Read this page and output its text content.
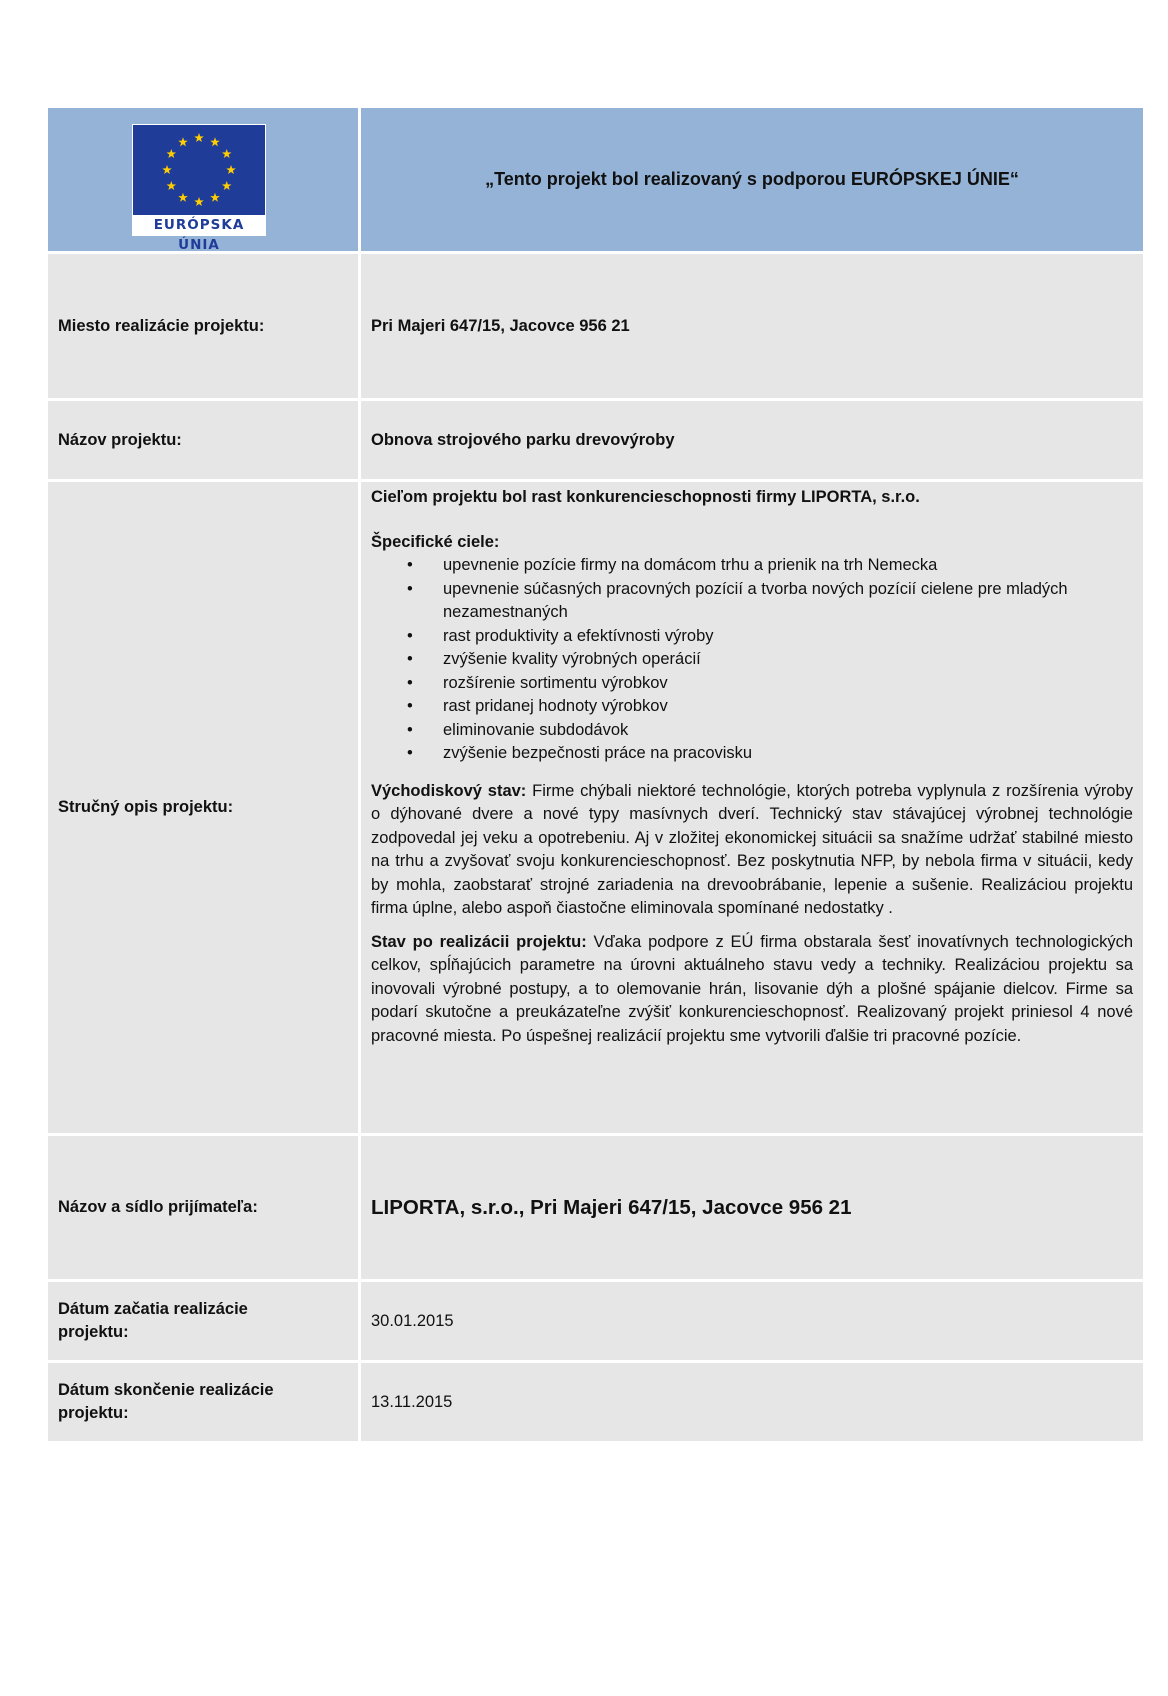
EURÓPSKA ÚNIA
„Tento projekt bol realizovaný s podporou EURÓPSKEJ ÚNIE“
Miesto realizácie projektu:	Pri Majeri 647/15, Jacovce 956 21
Názov projektu:	Obnova strojového parku drevovýroby
Stručný opis projektu:

Cieľom projektu bol rast konkurencieschopnosti firmy LIPORTA, s.r.o.

Špecifické ciele:

• upevnenie pozície firmy na domácom trhu a prienik na trh Nemecka
• upevnenie súčasných pracovných pozícií a tvorba nových pozícií cielene pre mladých nezamestnaných
• rast produktivity a efektívnosti výroby
• zvýšenie kvality výrobných operácií
• rozšírenie sortimentu výrobkov
• rast pridanej hodnoty výrobkov
• eliminovanie subdodávok
• zvýšenie bezpečnosti práce na pracovisku

Východiskový stav: Firme chýbali niektoré technológie, ktorých potreba vyplynula z rozšírenia výroby o dýhované dvere a nové typy masívnych dverí. Technický stav stávajúcej výrobnej technológie zodpovedal jej veku a opotrebeniu. Aj v zložitej ekonomickej situácii sa snažíme udržať stabilné miesto na trhu a zvyšovať svoju konkurencieschopnosť. Bez poskytnutia NFP, by nebola firma v situácii, kedy by mohla, zaobstarať strojné zariadenia na drevoobrábanie, lepenie a sušenie. Realizáciou projektu firma úplne, alebo aspoň čiastočne eliminovala spomínané nedostatky .

Stav po realizácii projektu: Vďaka podpore z EÚ firma obstarala šesť inovatívnych technologických celkov, spĺňajúcich parametre na úrovni aktuálneho stavu vedy a techniky. Realizáciou projektu sa inovovali výrobné postupy, a to olemovanie hrán, lisovanie dýh a plošné spájanie dielcov. Firme sa podarí skutočne a preukázateľne zvýšiť konkurencieschopnosť. Realizovaný projekt priniesol 4 nové pracovné miesta. Po úspešnej realizácií projektu sme vytvorili ďalšie tri pracovné pozície.

Názov a sídlo prijímateľa:	LIPORTA, s.r.o., Pri Majeri 647/15, Jacovce 956 21
Dátum začatia realizácie projektu:
30.01.2015
Dátum skončenie realizácie projektu:
13.11.2015
